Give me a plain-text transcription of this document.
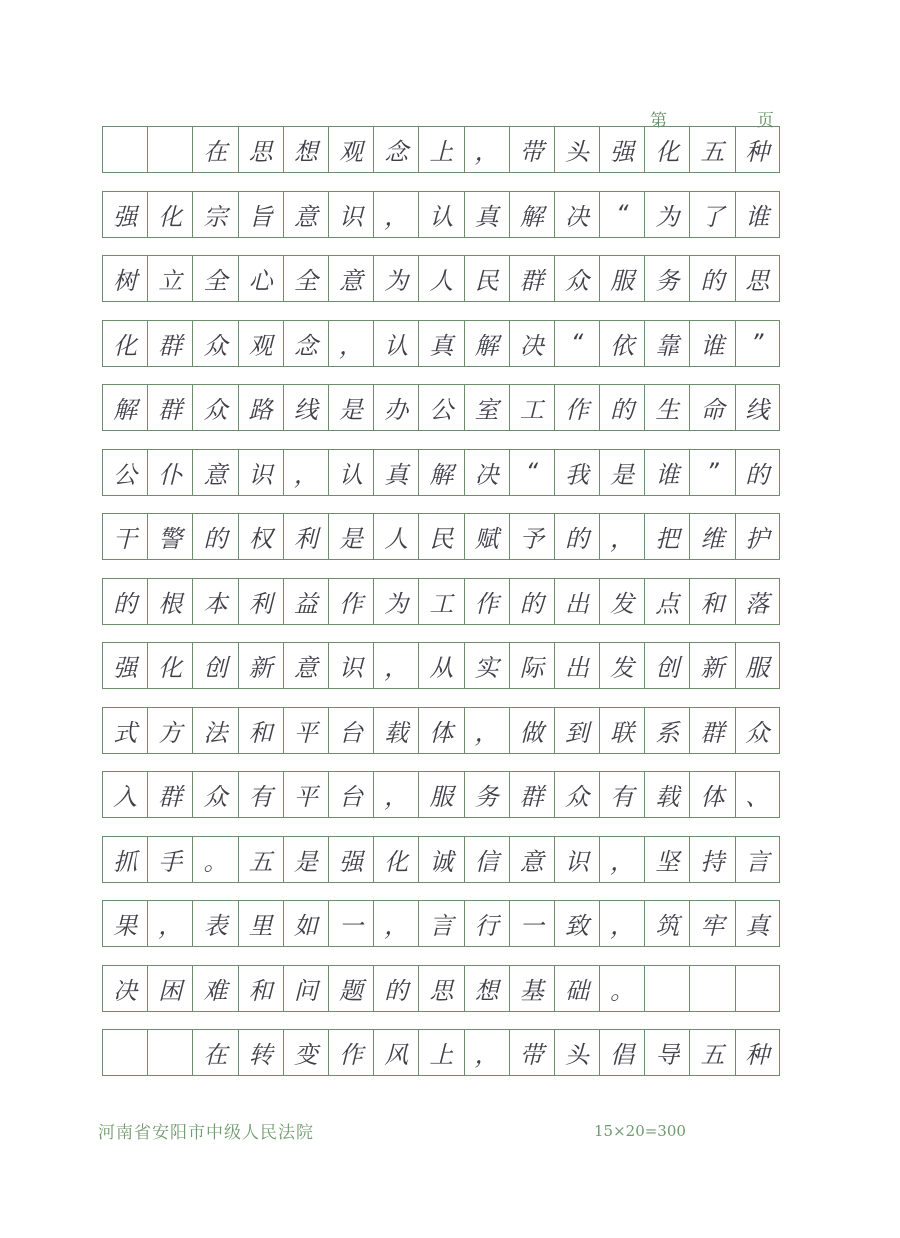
第	页
在 思 想 观 念 上 ， 带 头 强 化 五 种
强 化 宗 旨 意 识 ， 认 真 解 决	“	为 了 谁
树 立 全 心 全 意 为 人 民 群 众 服 务 的 思
化 群 众 观 念 ， 认 真 解 决	“	依 靠 谁	”
解 群 众 路 线 是 办 公 室 工 作 的 生 命 线
公 仆 意 识 ， 认 真 解 决	“	我 是 谁	”	的
干 警 的 权 利 是 人 民 赋 予 的 ， 把 维 护
的 根 本 利 益 作 为 工 作 的 出 发 点 和 落
强 化 创 新 意 识 ， 从 实 际 出 发 创 新 服
式 方 法 和 平 台 载 体 ， 做 到 联 系 群 众
入 群 众 有 平 台 ， 服 务 群 众 有 载 体 、
抓 手 。 五 是 强 化 诚 信 意 识 ， 坚 持 言
果 ， 表 里 如 一 ， 言 行 一 致 ， 筑 牢 真
决 困 难 和 问 题 的 思 想 基 础 。
在 转 变 作 风 上 ， 带 头 倡 导 五 种
河南省安阳市中级人民法院	15×20=300
